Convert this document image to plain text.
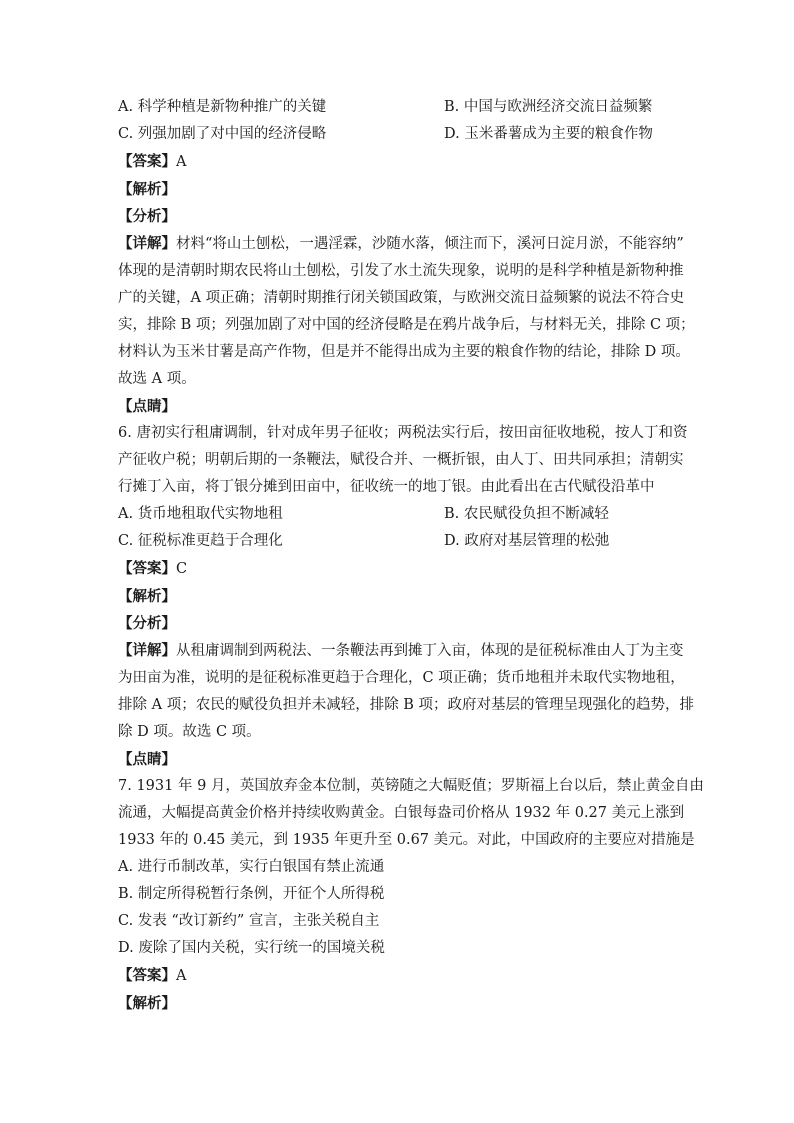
A. 科学种植是新物种推广的关键	B. 中国与欧洲经济交流日益频繁
C. 列强加剧了对中国的经济侵略	D. 玉米番薯成为主要的粮食作物
【答案】A
【解析】
【分析】
【详解】材料“将山土刨松，一遇淫霖，沙随水落，倾注而下，溪河日淀月淤，不能容纳”
体现的是清朝时期农民将山土刨松，引发了水土流失现象，说明的是科学种植是新物种推
广的关键，A 项正确；清朝时期推行闭关锁国政策，与欧洲交流日益频繁的说法不符合史
实，排除 B 项；列强加剧了对中国的经济侵略是在鸦片战争后，与材料无关，排除 C 项；
材料认为玉米甘薯是高产作物，但是并不能得出成为主要的粮食作物的结论，排除 D 项。
故选 A 项。
【点睛】
6. 唐初实行租庸调制，针对成年男子征收；两税法实行后，按田亩征收地税，按人丁和资
产征收户税；明朝后期的一条鞭法，赋役合并、一概折银，由人丁、田共同承担；清朝实
行摊丁入亩，将丁银分摊到田亩中，征收统一的地丁银。由此看出在古代赋役沿革中
A. 货币地租取代实物地租	B. 农民赋役负担不断减轻
C. 征税标准更趋于合理化	D. 政府对基层管理的松弛
【答案】C
【解析】
【分析】
【详解】从租庸调制到两税法、一条鞭法再到摊丁入亩，体现的是征税标准由人丁为主变
为田亩为准，说明的是征税标准更趋于合理化，C 项正确；货币地租并未取代实物地租，
排除 A 项；农民的赋役负担并未减轻，排除 B 项；政府对基层的管理呈现强化的趋势，排
除 D 项。故选 C 项。
【点睛】
7. 1931 年 9 月，英国放弃金本位制，英镑随之大幅贬值；罗斯福上台以后，禁止黄金自由
流通，大幅提高黄金价格并持续收购黄金。白银每盎司价格从 1932 年 0.27 美元上涨到
1933 年的 0.45 美元，到 1935 年更升至 0.67 美元。对此，中国政府的主要应对措施是
A. 进行币制改革，实行白银国有禁止流通
B. 制定所得税暂行条例，开征个人所得税
C. 发表 “改订新约” 宣言，主张关税自主
D. 废除了国内关税，实行统一的国境关税
【答案】A
【解析】
